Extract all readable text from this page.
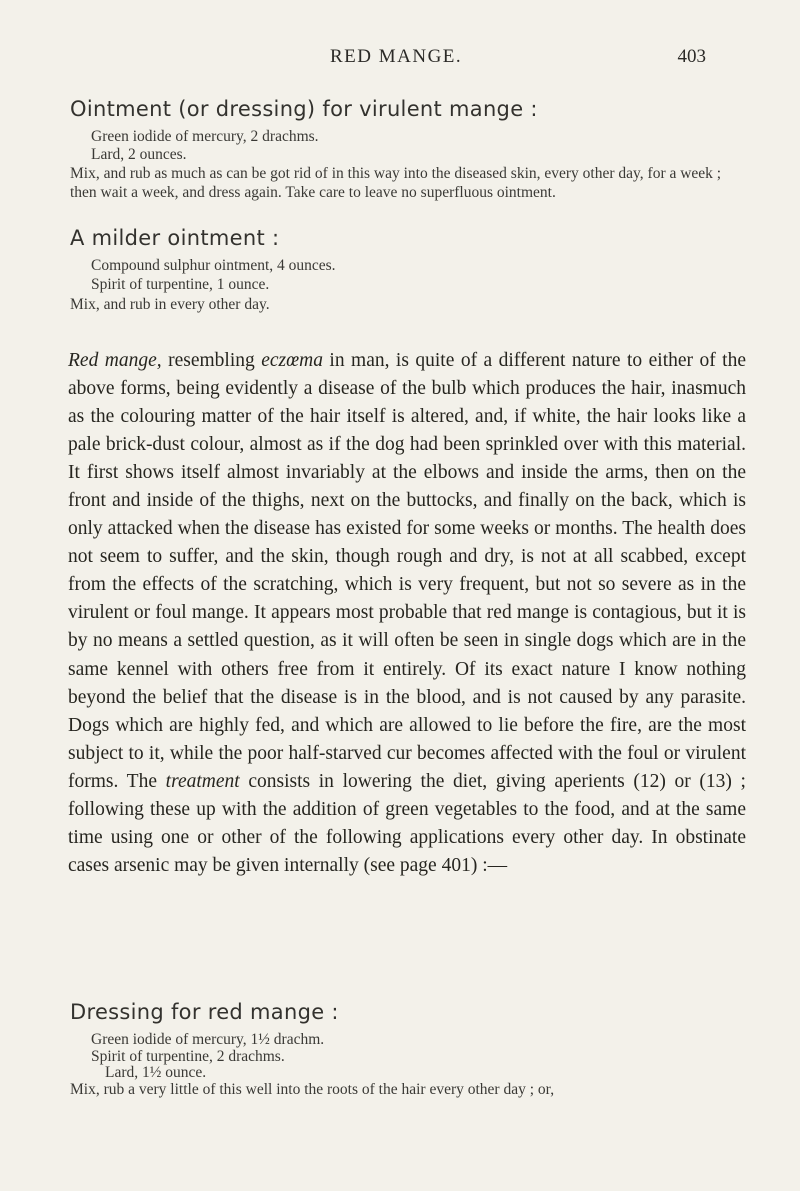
RED MANGE.	403
Ointment (or dressing) for virulent mange :
Green iodide of mercury, 2 drachms.
Lard, 2 ounces.
Mix, and rub as much as can be got rid of in this way into the diseased skin, every other day, for a week ; then wait a week, and dress again. Take care to leave no superfluous ointment.
A milder ointment :
Compound sulphur ointment, 4 ounces.
Spirit of turpentine, 1 ounce.
Mix, and rub in every other day.

Red mange, resembling eczœma in man, is quite of a different nature to either of the above forms, being evidently a disease of the bulb which produces the hair, inasmuch as the colouring matter of the hair itself is altered, and, if white, the hair looks like a pale brick-dust colour, almost as if the dog had been sprinkled over with this material. It first shows itself almost invariably at the elbows and inside the arms, then on the front and inside of the thighs, next on the buttocks, and finally on the back, which is only attacked when the disease has existed for some weeks or months. The health does not seem to suffer, and the skin, though rough and dry, is not at all scabbed, except from the effects of the scratching, which is very frequent, but not so severe as in the virulent or foul mange. It appears most probable that red mange is contagious, but it is by no means a settled question, as it will often be seen in single dogs which are in the same kennel with others free from it entirely. Of its exact nature I know nothing beyond the belief that the disease is in the blood, and is not caused by any parasite. Dogs which are highly fed, and which are allowed to lie before the fire, are the most subject to it, while the poor half-starved cur becomes affected with the foul or virulent forms. The treatment consists in lowering the diet, giving aperients (12) or (13) ; following these up with the addition of green vegetables to the food, and at the same time using one or other of the following applications every other day. In obstinate cases arsenic may be given internally (see page 401) :—

Dressing for red mange :
Green iodide of mercury, 1½ drachm.
Spirit of turpentine, 2 drachms.
Lard, 1½ ounce.
Mix, rub a very little of this well into the roots of the hair every other day ; or,
